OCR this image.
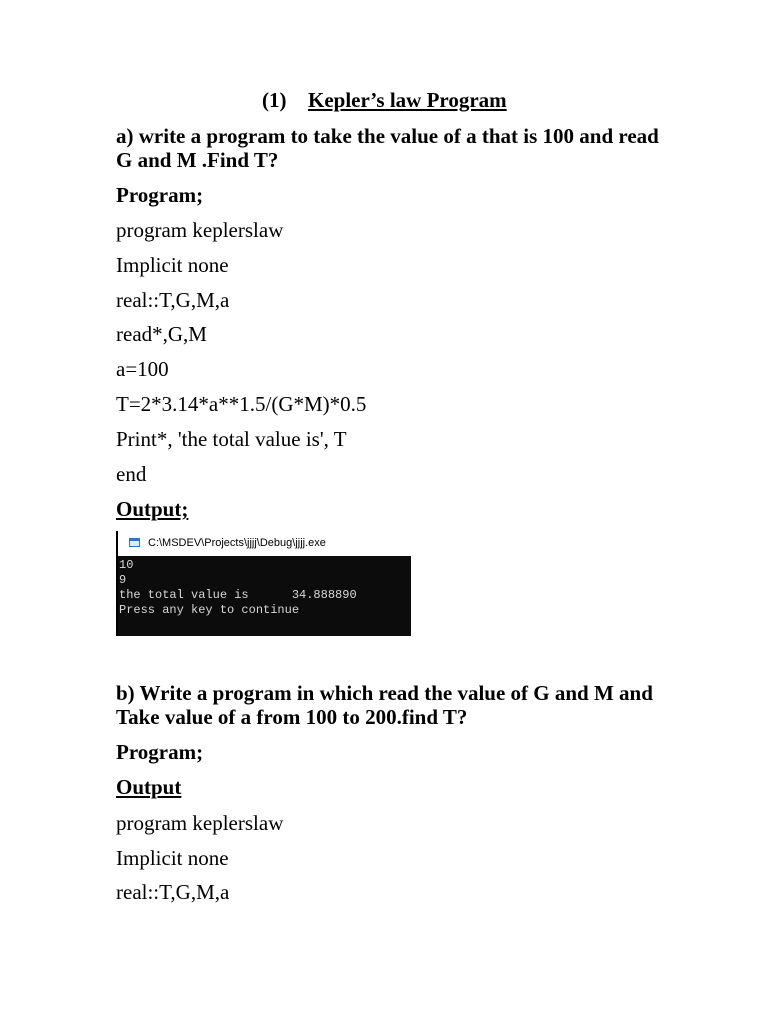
(1) Kepler’s law Program
a) write a program to take the value of a that is 100 and read G and M .Find T?
Program;
program keplerslaw
Implicit none
real::T,G,M,a
read*,G,M
a=100
T=2*3.14*a**1.5/(G*M)*0.5
Print*, 'the total value is', T
end
Output;
C:\MSDEV\Projects\jjjj\Debug\jjjj.exe
10
9
the total value is      34.888890
Press any key to continue
b) Write a program in which read the value of G and M and Take value of a from 100 to 200.find T?
Program;
Output
program keplerslaw
Implicit none
real::T,G,M,a
